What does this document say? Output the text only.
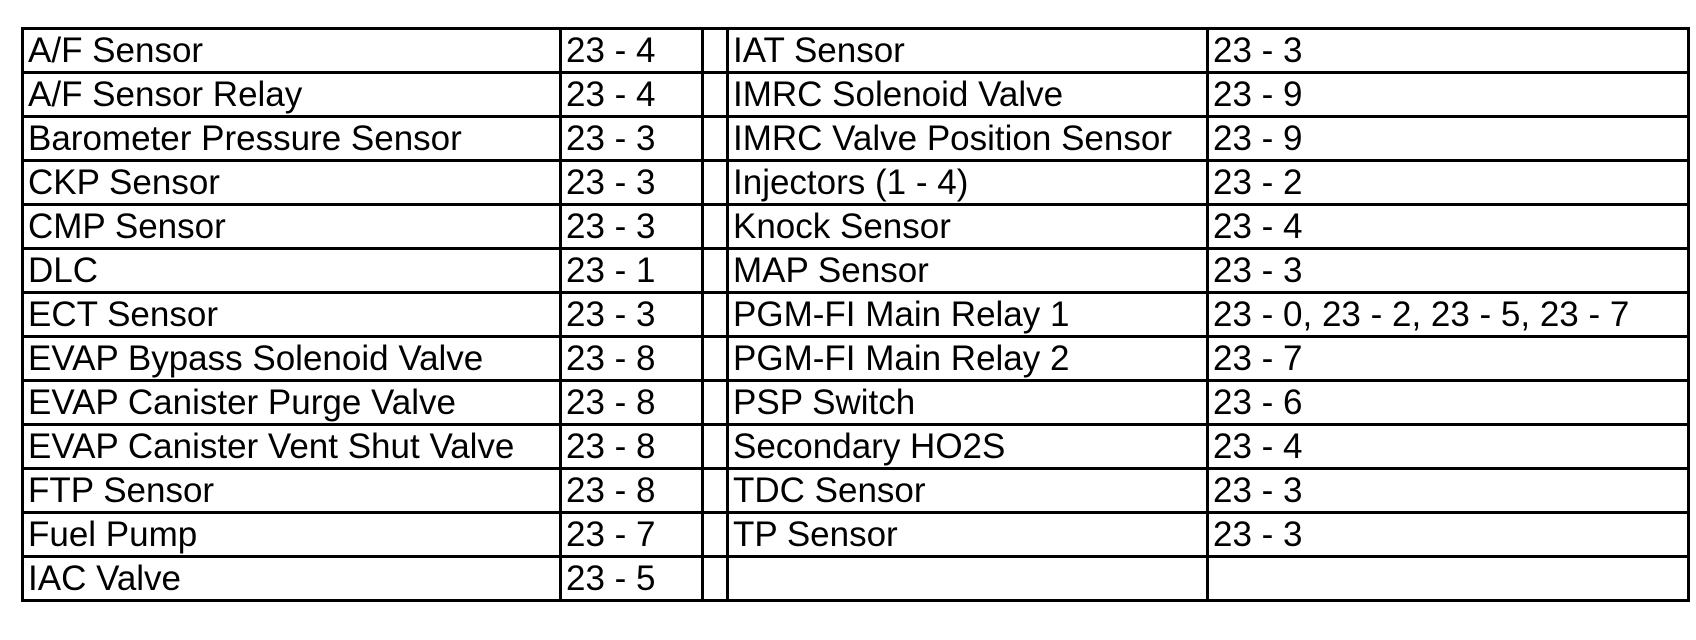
A/F Sensor	23 - 4		IAT Sensor	23 - 3
A/F Sensor Relay	23 - 4		IMRC Solenoid Valve	23 - 9
Barometer Pressure Sensor	23 - 3		IMRC Valve Position Sensor	23 - 9
CKP Sensor	23 - 3		Injectors (1 - 4)	23 - 2
CMP Sensor	23 - 3		Knock Sensor	23 - 4
DLC	23 - 1		MAP Sensor	23 - 3
ECT Sensor	23 - 3		PGM-FI Main Relay 1	23 - 0, 23 - 2, 23 - 5, 23 - 7
EVAP Bypass Solenoid Valve	23 - 8		PGM-FI Main Relay 2	23 - 7
EVAP Canister Purge Valve	23 - 8		PSP Switch	23 - 6
EVAP Canister Vent Shut Valve	23 - 8		Secondary HO2S	23 - 4
FTP Sensor	23 - 8		TDC Sensor	23 - 3
Fuel Pump	23 - 7		TP Sensor	23 - 3
IAC Valve	23 - 5			
